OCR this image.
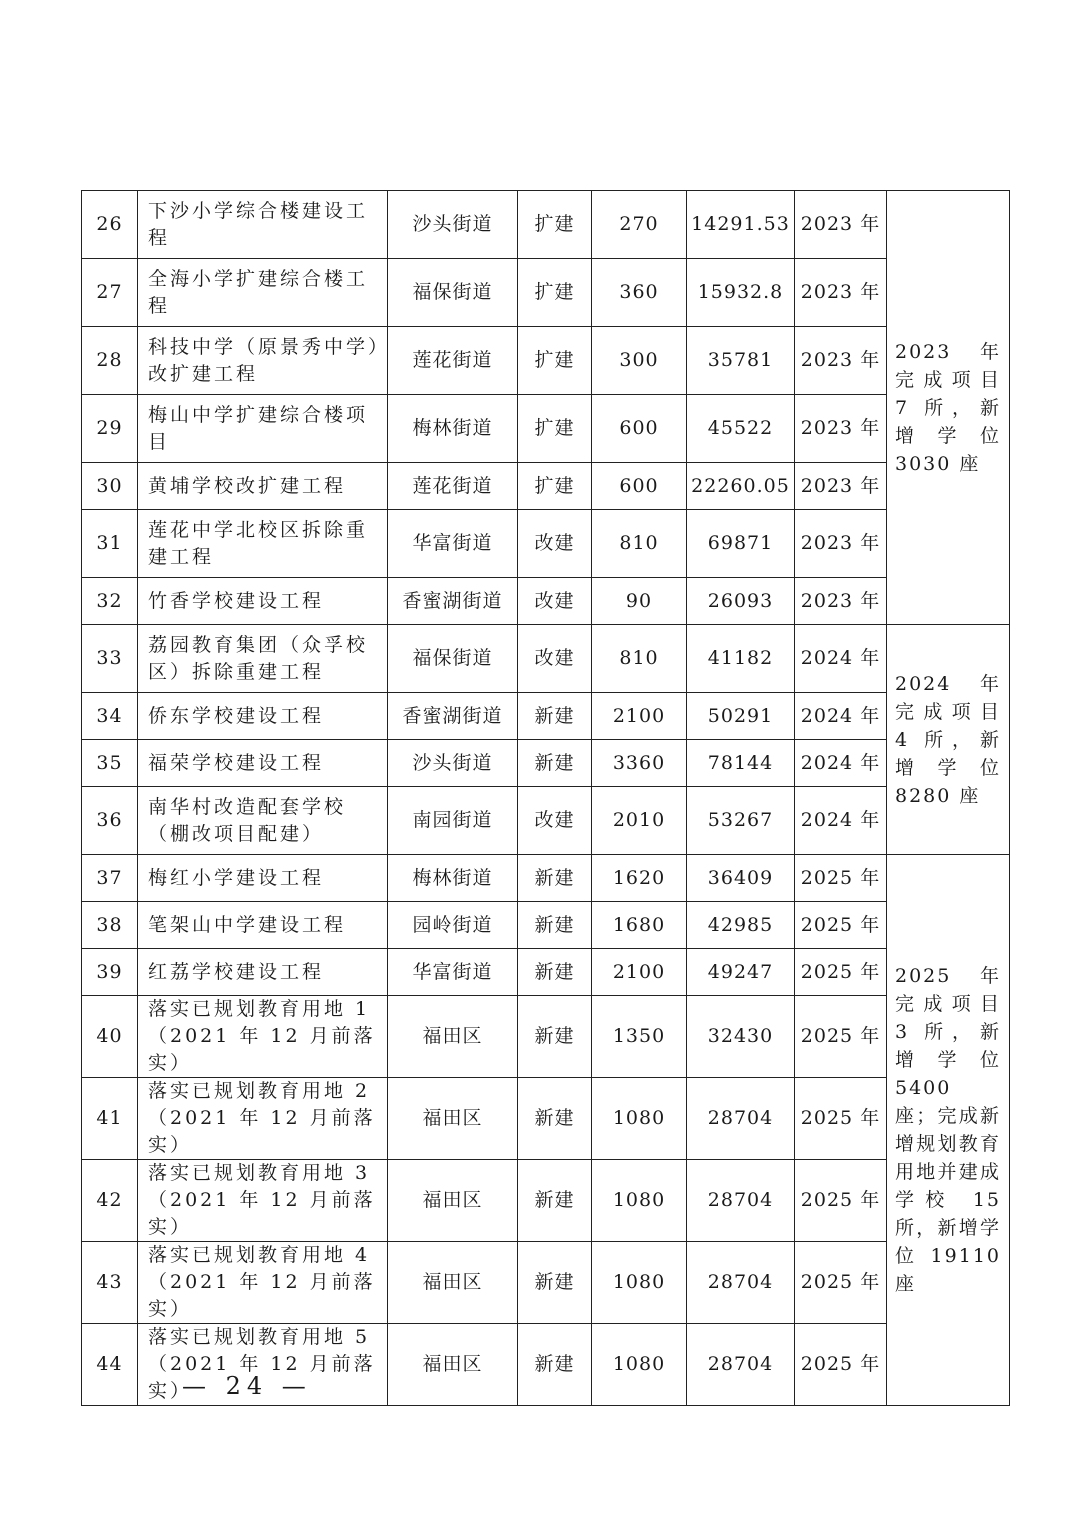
26	下沙小学综合楼建设工程	沙头街道	扩建	270	14291.53	2023 年	2023 年完成项目 7 所，新增学位 3030 座
27	全海小学扩建综合楼工程	福保街道	扩建	360	15932.8	2023 年	
28	科技中学（原景秀中学）改扩建工程	莲花街道	扩建	300	35781	2023 年	
29	梅山中学扩建综合楼项目	梅林街道	扩建	600	45522	2023 年	
30	黄埔学校改扩建工程	莲花街道	扩建	600	22260.05	2023 年	
31	莲花中学北校区拆除重建工程	华富街道	改建	810	69871	2023 年	
32	竹香学校建设工程	香蜜湖街道	改建	90	26093	2023 年	
33	荔园教育集团（众孚校区）拆除重建工程	福保街道	改建	810	41182	2024 年	2024 年完成项目 4 所，新增学位 8280 座
34	侨东学校建设工程	香蜜湖街道	新建	2100	50291	2024 年	
35	福荣学校建设工程	沙头街道	新建	3360	78144	2024 年	
36	南华村改造配套学校（棚改项目配建）	南园街道	改建	2010	53267	2024 年	
37	梅红小学建设工程	梅林街道	新建	1620	36409	2025 年	2025 年完成项目 3 所，新增学位 5400 座；完成新增规划教育用地并建成学校 15 所，新增学位 19110 座
38	笔架山中学建设工程	园岭街道	新建	1680	42985	2025 年	
39	红荔学校建设工程	华富街道	新建	2100	49247	2025 年	
40	落实已规划教育用地 1（2021 年 12 月前落实）	福田区	新建	1350	32430	2025 年	
41	落实已规划教育用地 2（2021 年 12 月前落实）	福田区	新建	1080	28704	2025 年	
42	落实已规划教育用地 3（2021 年 12 月前落实）	福田区	新建	1080	28704	2025 年	
43	落实已规划教育用地 4（2021 年 12 月前落实）	福田区	新建	1080	28704	2025 年	
44	落实已规划教育用地 5（2021 年 12 月前落实）	福田区	新建	1080	28704	2025 年	
— 24 —
